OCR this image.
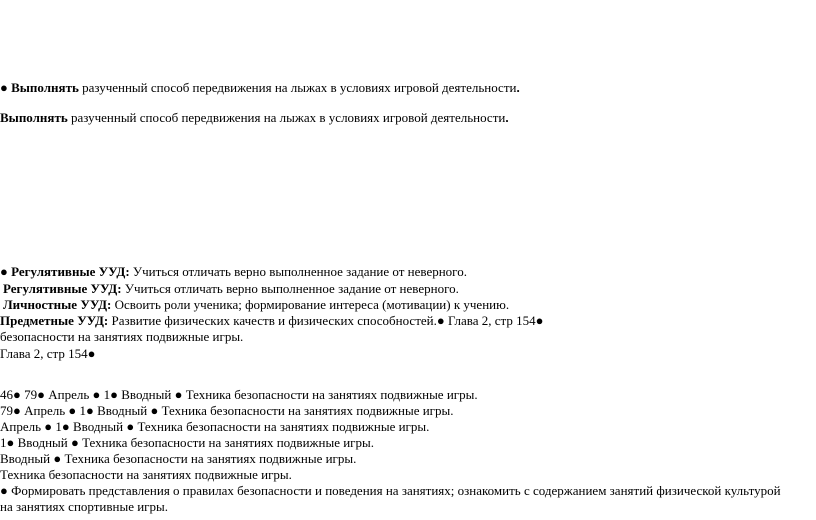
● Выполнять разученный способ передвижения на лыжах в условиях игровой деятельности.
Выполнять разученный способ передвижения на лыжах в условиях игровой деятельности.
● Регулятивные УУД: Учиться отличать верно выполненное задание от неверного.
Регулятивные УУД: Учиться отличать верно выполненное задание от неверного.
Личностные УУД: Освоить роли ученика; формирование интереса (мотивации) к учению.
Предметные УУД: Развитие физических качеств и физических способностей.● Глава 2, стр 154●
безопасности на занятиях подвижные игры.
Глава 2, стр 154●
46● 79● Апрель ● 1● Вводный ● Техника безопасности на занятиях подвижные игры.
79● Апрель ● 1● Вводный ● Техника безопасности на занятиях подвижные игры.
Апрель ● 1● Вводный ● Техника безопасности на занятиях подвижные игры.
1● Вводный ● Техника безопасности на занятиях подвижные игры.
Вводный ● Техника безопасности на занятиях подвижные игры.
Техника безопасности на занятиях подвижные игры.
● Формировать представления о правилах безопасности и поведения на занятиях; ознакомить с содержанием занятий физической культурой
на занятиях спортивные игры.
